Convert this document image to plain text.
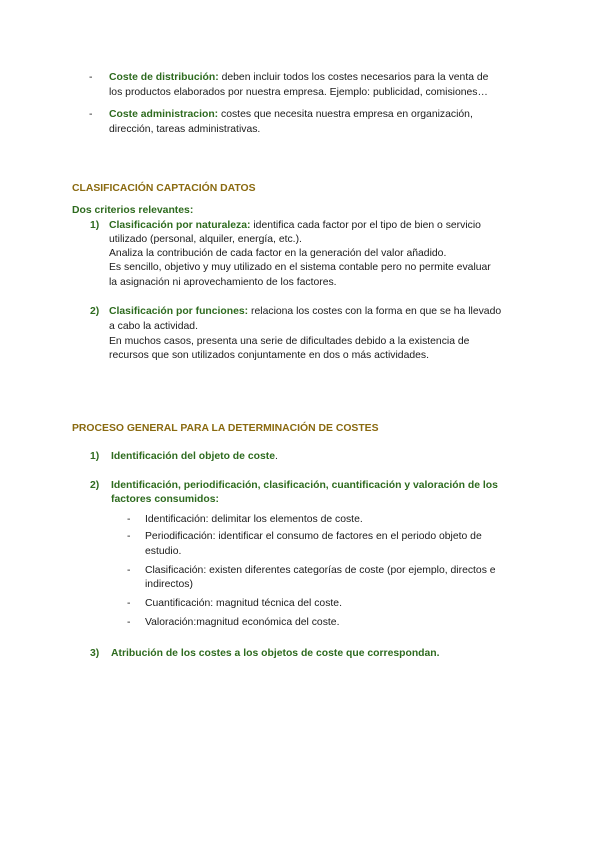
- Coste de distribución: deben incluir todos los costes necesarios para la venta de
los productos elaborados por nuestra empresa. Ejemplo: publicidad, comisiones…
- Coste administracion: costes que necesita nuestra empresa en organización,
dirección, tareas administrativas.
CLASIFICACIÓN CAPTACIÓN DATOS
Dos criterios relevantes:
1) Clasificación por naturaleza: identifica cada factor por el tipo de bien o servicio
utilizado (personal, alquiler, energía, etc.).
Analiza la contribución de cada factor en la generación del valor añadido.
Es sencillo, objetivo y muy utilizado en el sistema contable pero no permite evaluar
la asignación ni aprovechamiento de los factores.
2) Clasificación por funciones: relaciona los costes con la forma en que se ha llevado
a cabo la actividad.
En muchos casos, presenta una serie de dificultades debido a la existencia de
recursos que son utilizados conjuntamente en dos o más actividades.
PROCESO GENERAL PARA LA DETERMINACIÓN DE COSTES
1) Identificación del objeto de coste.
2) Identificación, periodificación, clasificación, cuantificación y valoración de los
factores consumidos:
- Identificación: delimitar los elementos de coste.
- Periodificación: identificar el consumo de factores en el periodo objeto de
estudio.
- Clasificación: existen diferentes categorías de coste (por ejemplo, directos e
indirectos)
- Cuantificación: magnitud técnica del coste.
- Valoración:magnitud económica del coste.
3) Atribución de los costes a los objetos de coste que correspondan.
